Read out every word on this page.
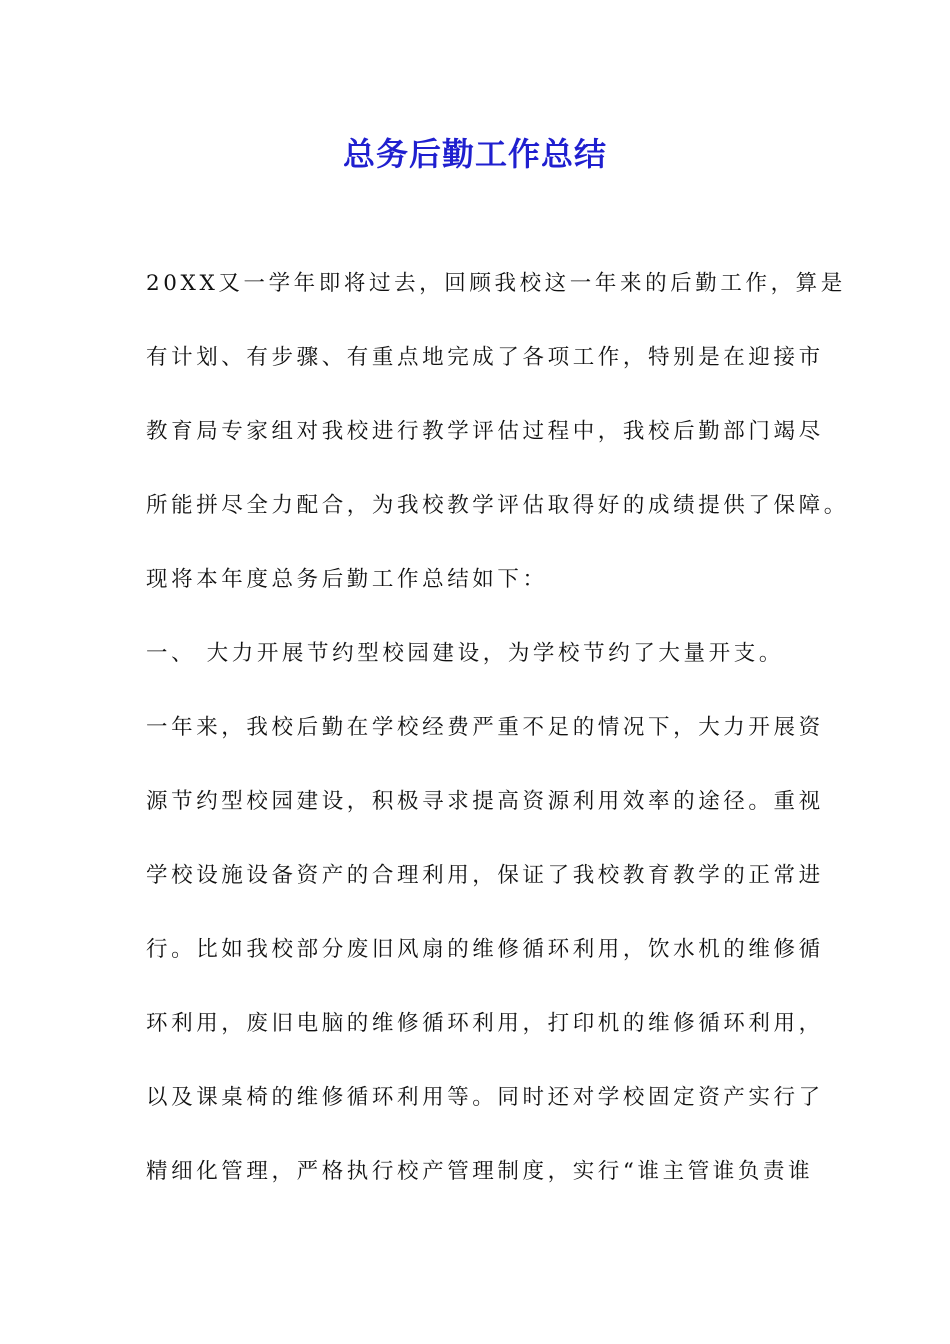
总务后勤工作总结
20XX又一学年即将过去，回顾我校这一年来的后勤工作，算是
有计划、有步骤、有重点地完成了各项工作，特别是在迎接市
教育局专家组对我校进行教学评估过程中，我校后勤部门竭尽
所能拼尽全力配合，为我校教学评估取得好的成绩提供了保障。
现将本年度总务后勤工作总结如下：
一、 大力开展节约型校园建设，为学校节约了大量开支。
一年来，我校后勤在学校经费严重不足的情况下，大力开展资
源节约型校园建设，积极寻求提高资源利用效率的途径。重视
学校设施设备资产的合理利用，保证了我校教育教学的正常进
行。比如我校部分废旧风扇的维修循环利用，饮水机的维修循
环利用，废旧电脑的维修循环利用，打印机的维修循环利用，
以及课桌椅的维修循环利用等。同时还对学校固定资产实行了
精细化管理，严格执行校产管理制度，实行“谁主管谁负责谁
